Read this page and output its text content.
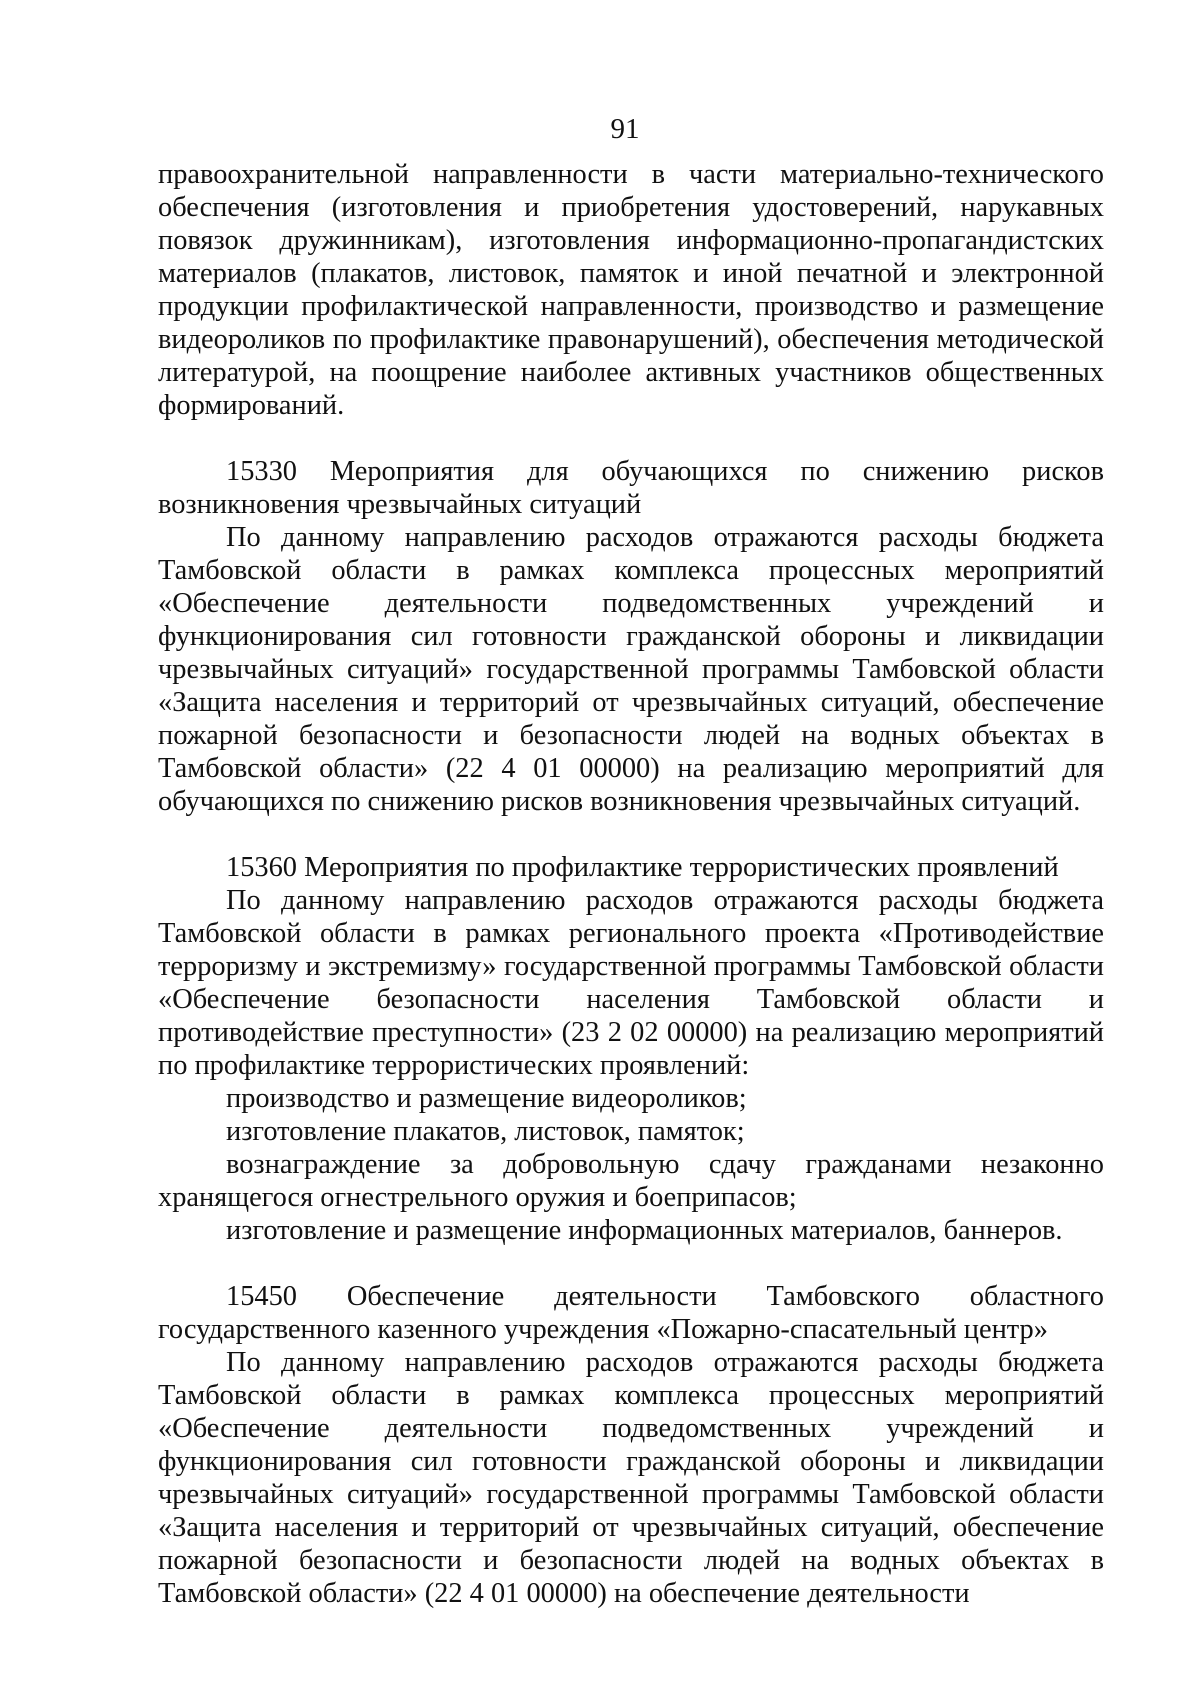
91

правоохранительной направленности в части материально-технического обеспечения (изготовления и приобретения удостоверений, нарукавных повязок дружинникам), изготовления информационно-пропагандистских материалов (плакатов, листовок, памяток и иной печатной и электронной продукции профилактической направленности, производство и размещение видеороликов по профилактике правонарушений), обеспечения методической литературой, на поощрение наиболее активных участников общественных формирований.

15330 Мероприятия для обучающихся по снижению рисков возникновения чрезвычайных ситуаций

По данному направлению расходов отражаются расходы бюджета Тамбовской области в рамках комплекса процессных мероприятий «Обеспечение деятельности подведомственных учреждений и функционирования сил готовности гражданской обороны и ликвидации чрезвычайных ситуаций» государственной программы Тамбовской области «Защита населения и территорий от чрезвычайных ситуаций, обеспечение пожарной безопасности и безопасности людей на водных объектах в Тамбовской области» (22 4 01 00000) на реализацию мероприятий для обучающихся по снижению рисков возникновения чрезвычайных ситуаций.

15360 Мероприятия по профилактике террористических проявлений

По данному направлению расходов отражаются расходы бюджета Тамбовской области в рамках регионального проекта «Противодействие терроризму и экстремизму» государственной программы Тамбовской области «Обеспечение безопасности населения Тамбовской области и противодействие преступности» (23 2 02 00000) на реализацию мероприятий по профилактике террористических проявлений:

производство и размещение видеороликов;

изготовление плакатов, листовок, памяток;

вознаграждение за добровольную сдачу гражданами незаконно хранящегося огнестрельного оружия и боеприпасов;

изготовление и размещение информационных материалов, баннеров.

15450 Обеспечение деятельности Тамбовского областного государственного казенного учреждения «Пожарно-спасательный центр»

По данному направлению расходов отражаются расходы бюджета Тамбовской области в рамках комплекса процессных мероприятий «Обеспечение деятельности подведомственных учреждений и функционирования сил готовности гражданской обороны и ликвидации чрезвычайных ситуаций» государственной программы Тамбовской области «Защита населения и территорий от чрезвычайных ситуаций, обеспечение пожарной безопасности и безопасности людей на водных объектах в Тамбовской области» (22 4 01 00000) на обеспечение деятельности
